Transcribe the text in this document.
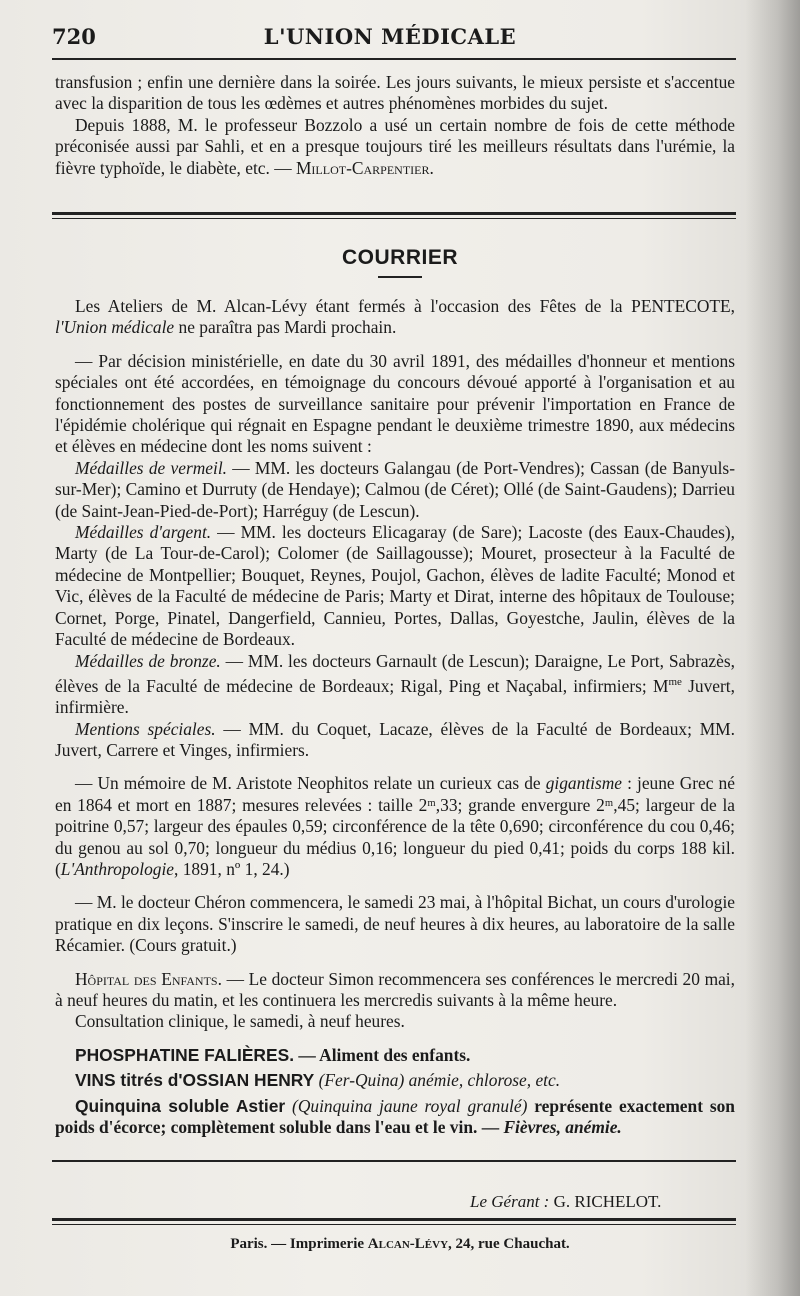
720	L'UNION MÉDICALE

transfusion ; enfin une dernière dans la soirée. Les jours suivants, le mieux persiste et s'accentue avec la disparition de tous les œdèmes et autres phénomènes morbides du sujet.

Depuis 1888, M. le professeur Bozzolo a usé un certain nombre de fois de cette méthode préconisée aussi par Sahli, et en a presque toujours tiré les meilleurs résultats dans l'urémie, la fièvre typhoïde, le diabète, etc. — Millot-Carpentier.

COURRIER

Les Ateliers de M. Alcan-Lévy étant fermés à l'occasion des Fêtes de la PENTECOTE, l'Union médicale ne paraîtra pas Mardi prochain.

— Par décision ministérielle, en date du 30 avril 1891, des médailles d'honneur et mentions spéciales ont été accordées, en témoignage du concours dévoué apporté à l'organisation et au fonctionnement des postes de surveillance sanitaire pour prévenir l'importation en France de l'épidémie cholérique qui régnait en Espagne pendant le deuxième trimestre 1890, aux médecins et élèves en médecine dont les noms suivent :

Médailles de vermeil. — MM. les docteurs Galangau (de Port-Vendres); Cassan (de Banyuls-sur-Mer); Camino et Durruty (de Hendaye); Calmou (de Céret); Ollé (de Saint-Gaudens); Darrieu (de Saint-Jean-Pied-de-Port); Harréguy (de Lescun).

Médailles d'argent. — MM. les docteurs Elicagaray (de Sare); Lacoste (des Eaux-Chaudes), Marty (de La Tour-de-Carol); Colomer (de Saillagousse); Mouret, prosecteur à la Faculté de médecine de Montpellier; Bouquet, Reynes, Poujol, Gachon, élèves de ladite Faculté; Monod et Vic, élèves de la Faculté de médecine de Paris; Marty et Dirat, interne des hôpitaux de Toulouse; Cornet, Porge, Pinatel, Dangerfield, Cannieu, Portes, Dallas, Goyestche, Jaulin, élèves de la Faculté de médecine de Bordeaux.

Médailles de bronze. — MM. les docteurs Garnault (de Lescun); Daraigne, Le Port, Sabrazès, élèves de la Faculté de médecine de Bordeaux; Rigal, Ping et Naçabal, infirmiers; $M^{me}$ Juvert, infirmière.

Mentions spéciales. — MM. du Coquet, Lacaze, élèves de la Faculté de Bordeaux; MM. Juvert, Carrere et Vinges, infirmiers.

— Un mémoire de M. Aristote Neophitos relate un curieux cas de gigantisme : jeune Grec né en 1864 et mort en 1887; mesures relevées : taille 2ᵐ,33; grande envergure 2ᵐ,45; largeur de la poitrine 0,57; largeur des épaules 0,59; circonférence de la tête 0,690; circonférence du cou 0,46; du genou au sol 0,70; longueur du médius 0,16; longueur du pied 0,41; poids du corps 188 kil. (L'Anthropologie, 1891, nº 1, 24.)

— M. le docteur Chéron commencera, le samedi 23 mai, à l'hôpital Bichat, un cours d'urologie pratique en dix leçons. S'inscrire le samedi, de neuf heures à dix heures, au laboratoire de la salle Récamier. (Cours gratuit.)

Hôpital des Enfants. — Le docteur Simon recommencera ses conférences le mercredi 20 mai, à neuf heures du matin, et les continuera les mercredis suivants à la même heure.

Consultation clinique, le samedi, à neuf heures.

PHOSPHATINE FALIÈRES. — Aliment des enfants.

VINS titrés d'OSSIAN HENRY (Fer-Quina) anémie, chlorose, etc.

Quinquina soluble Astier (Quinquina jaune royal granulé) représente exactement son poids d'écorce; complètement soluble dans l'eau et le vin. — Fièvres, anémie.

Le Gérant : G. RICHELOT.
Paris. — Imprimerie Alcan-Lévy, 24, rue Chauchat.
